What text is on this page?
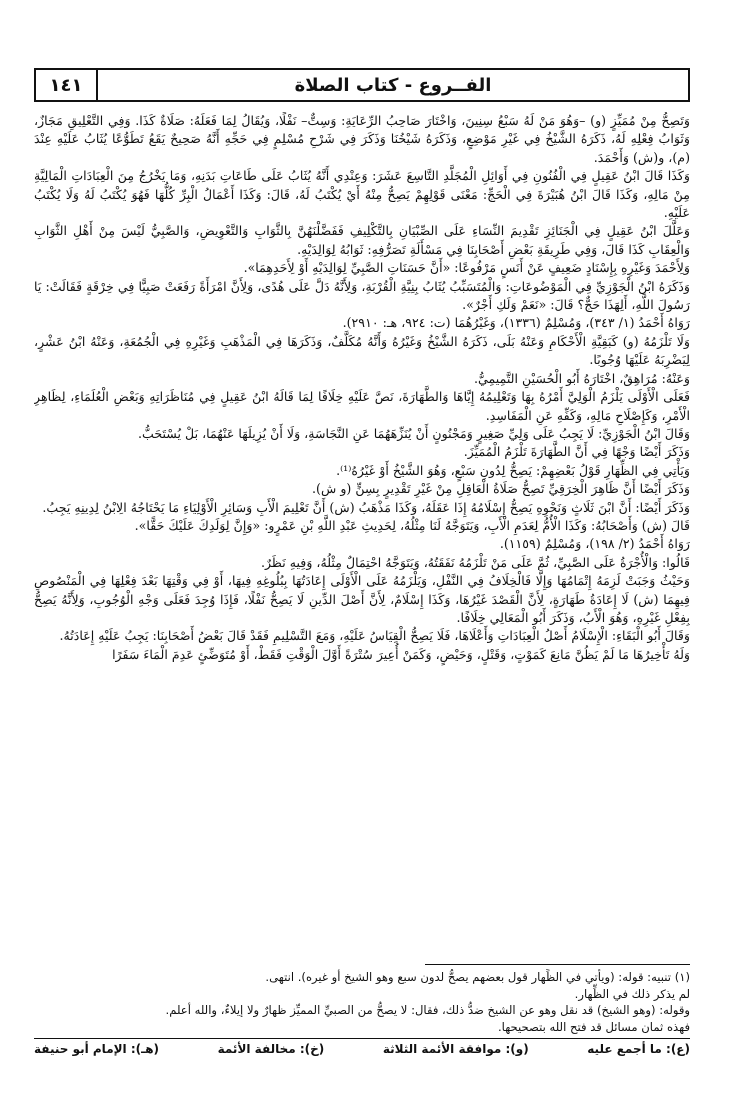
الفــروع - كتاب الصلاة
١٤١

وَتَصِحُّ مِنْ مُمَيِّزٍ (و) –وَهُوَ مَنْ لَهُ سَبْعُ سِنِينَ، وَاخْتَارَ صَاحِبُ الرِّعَايَةِ: وَسِتٌّ– نَفْلًا، وَيُقَالُ لِمَا فَعَلَهُ: صَلَاةٌ كَذَا. وَفِي التَّعْلِيقِ مَجَازٌ، وَثَوَابُ فِعْلِهِ لَهُ، ذَكَرَهُ الشَّيْخُ فِي غَيْرِ مَوْضِعٍ، وَذَكَرَهُ شَيْخُنَا وَذَكَرَ فِي شَرْحِ مُسْلِمٍ فِي حَجِّهِ أَنَّهُ صَحِيحٌ يَقَعُ تَطَوُّعًا يُثَابُ عَلَيْهِ عِنْدَ (م)، و(ش) وَأَحْمَدَ.

وَكَذَا قَالَ ابْنُ عَقِيلٍ فِي الْفُنُونِ فِي أَوَائِلِ الْمُجَلَّدِ التَّاسِعَ عَشَرَ: وَعِنْدِي أَنَّهُ يُثَابُ عَلَى طَاعَاتِ بَدَنِهِ، وَمَا يَخْرُجُ مِنَ الْعِبَادَاتِ الْمَالِيَّةِ مِنْ مَالِهِ، وَكَذَا قَالَ ابْنُ هُبَيْرَةَ فِي الْحَجِّ: مَعْنَى قَوْلِهِمْ يَصِحُّ مِنْهُ أَيْ يُكْتَبُ لَهُ، قَالَ: وَكَذَا أَعْمَالُ الْبِرِّ كُلُّهَا فَهُوَ يُكْتَبُ لَهُ وَلَا يُكْتَبُ عَلَيْهِ.

وَعَلَّلَ ابْنُ عَقِيلٍ فِي الْجَنَائِزِ تَقْدِيمَ النِّسَاءِ عَلَى الصِّبْيَانِ بِالتَّكْلِيفِ فَفَضَّلْنَهُنَّ بِالثَّوَابِ وَالتَّعْوِيضِ، وَالصَّبِيُّ لَيْسَ مِنْ أَهْلِ الثَّوَابِ وَالْعِقَابِ كَذَا قَالَ، وَفِي طَرِيقَةِ بَعْضِ أَصْحَابِنَا فِي مَسْأَلَةِ تَصَرُّفِهِ: ثَوَابُهُ لِوَالِدَيْهِ.

وَلِأَحْمَدَ وَغَيْرِهِ بِإِسْنَادٍ ضَعِيفٍ عَنْ أَنَسٍ مَرْفُوعًا: «أَنَّ حَسَنَاتِ الصَّبِيِّ لِوَالِدَيْهِ أَوْ لِأَحَدِهِمَا».

وَذَكَرَهُ ابْنُ الْجَوْزِيِّ فِي الْمَوْضُوعَاتِ: وَالْمُتَسَبِّبُ يُثَابُ بِنِيَّةِ الْقُرْبَةِ، وَلِأَنَّهُ دَلَّ عَلَى هُدًى، وَلِأَنَّ امْرَأَةً رَفَعَتْ صَبِيًّا فِي خِرْقَةٍ فَقَالَتْ: يَا رَسُولَ اللَّهِ، أَلِهَذَا حَجٌّ؟ قَالَ: «نَعَمْ وَلَكِ أَجْرٌ».

رَوَاهُ أَحْمَدُ (١/ ٣٤٣)، وَمُسْلِمٌ (١٣٣٦)، وَغَيْرُهُمَا (ت: ٩٢٤، هـ: ٢٩١٠).

وَلَا تَلْزَمُهُ (و) كَبَقِيَّةِ الْأَحْكَامِ وَعَنْهُ بَلَى، ذَكَرَهُ الشَّيْخُ وَغَيْرُهُ وَأَنَّهُ مُكَلَّفٌ، وَذَكَرَهَا فِي الْمَذْهَبِ وَغَيْرِهِ فِي الْجُمُعَةِ، وَعَنْهُ ابْنُ عَشْرٍ، لِيَضْرِبَهُ عَلَيْهَا وُجُوبًا.

وَعَنْهُ: مُرَاهِقٌ، اخْتَارَهُ أَبُو الْحُسَيْنِ التَّمِيمِيُّ.

فَعَلَى الْأَوْلَى يَلْزَمُ الْوَلِيَّ أَمْرُهُ بِهَا وَتَعْلِيمُهُ إِيَّاهَا وَالطَّهَارَةَ، نَصَّ عَلَيْهِ خِلَافًا لِمَا قَالَهُ ابْنُ عَقِيلٍ فِي مُنَاظَرَاتِهِ وَبَعْضِ الْعُلَمَاءِ، لِظَاهِرِ الْأَمْرِ، وَكَإِصْلَاحِ مَالِهِ، وَكَفِّهِ عَنِ الْمَفَاسِدِ.

وَقَالَ ابْنُ الْجَوْزِيِّ: لَا يَجِبُ عَلَى وَلِيِّ صَغِيرٍ وَمَجْنُونٍ أَنْ يُنَزِّهَهُمَا عَنِ النَّجَاسَةِ، وَلَا أَنْ يُزِيلَهَا عَنْهُمَا، بَلْ يُسْتَحَبُّ.

وَذَكَرَ أَيْضًا وَجْهًا فِي أَنَّ الطَّهَارَةَ تَلْزَمُ الْمُمَيِّزَ.

وَيَأْتِي فِي الظِّهَارِ قَوْلُ بَعْضِهِمْ: يَصِحُّ لِدُونِ سَبْعٍ، وَهُوَ الشَّيْخُ أَوْ غَيْرُهُ⁽¹⁾.

وَذَكَرَ أَيْضًا أَنَّ ظَاهِرَ الْخِرَقِيِّ تَصِحُّ صَلَاةُ الْعَاقِلِ مِنْ غَيْرِ تَقْدِيرٍ بِسِنٍّ (و ش).

وَذَكَرَ أَيْضًا: أَنَّ ابْنَ ثَلَاثٍ وَنَحْوِهِ يَصِحُّ إِسْلَامُهُ إِذَا عَقَلَهُ، وَكَذَا مَذْهَبُ (ش) أَنَّ تَعْلِيمَ الْأَبِ وَسَائِرِ الْأَوْلِيَاءِ مَا يَحْتَاجُهُ الِابْنُ لِدِينِهِ يَجِبُ.

قَالَ (ش) وَأَصْحَابُهُ: وَكَذَا الْأُمُّ لِعَدَمِ الْأَبِ، وَيَتَوَجَّهُ لَنَا مِثْلُهُ، لِحَدِيثِ عَبْدِ اللَّهِ بْنِ عَمْرٍو: «وَإِنَّ لِوَلَدِكَ عَلَيْكَ حَقًّا».

رَوَاهُ أَحْمَدُ (٢/ ١٩٨)، وَمُسْلِمٌ (١١٥٩).

قَالُوا: وَالْأُجْرَةُ عَلَى الصَّبِيِّ، ثُمَّ عَلَى مَنْ تَلْزَمُهُ نَفَقَتُهُ، وَيَتَوَجَّهُ احْتِمَالٌ مِثْلُهُ، وَفِيهِ نَظَرٌ.

وَحَيْثُ وَجَبَتْ لَزِمَهُ إِتْمَامُهَا وَإِلَّا فَالْخِلَافُ فِي النَّفْلِ، وَيَلْزَمُهُ عَلَى الْأَوْلَى إِعَادَتُهَا بِبُلُوغِهِ فِيهَا، أَوْ فِي وَقْتِهَا بَعْدَ فِعْلِهَا فِي الْمَنْصُوصِ فِيهِمَا (ش) لَا إِعَادَةُ طَهَارَةٍ، لِأَنَّ الْقَصْدَ غَيْرُهَا، وَكَذَا إِسْلَامٌ، لِأَنَّ أَصْلَ الدِّينِ لَا يَصِحُّ نَفْلًا، فَإِذَا وُجِدَ فَعَلَى وَجْهِ الْوُجُوبِ، وَلِأَنَّهُ يَصِحُّ بِفِعْلِ غَيْرِهِ، وَهُوَ الْأَبُ، وَذَكَرَ أَبُو الْمَعَالِي خِلَافًا.

وَقَالَ أَبُو الْبَقَاءِ: الْإِسْلَامُ أَصْلُ الْعِبَادَاتِ وَأَعْلَاهَا، فَلَا يَصِحُّ الْقِيَاسُ عَلَيْهِ، وَمَعَ التَّسْلِيمِ فَقَدْ قَالَ بَعْضُ أَصْحَابِنَا: يَجِبُ عَلَيْهِ إِعَادَتُهُ.

وَلَهُ تَأْخِيرُهَا مَا لَمْ يَظُنَّ مَانِعَ كَمَوْتٍ، وَقَتْلٍ، وَحَيْضٍ، وَكَمَنْ أُعِيرَ سُتْرَةً أَوَّلَ الْوَقْتِ فَقَطْ، أَوْ مُتَوَضِّئٍ عَدِمَ الْمَاءَ سَفَرًا

(١) تنبيه: قوله: (ويأتي في الظِّهار قول بعضهم يصحُّ لدون سبع وهو الشيخ أو غيره). انتهى.

لم يذكر ذلك في الظِّهار.

وقوله: (وهو الشيخ) قد نقل وهو عن الشيخ ضدُّ ذلك، فقال: لا يصحُّ من الصبيِّ المميِّز ظهارٌ ولا إيلاءٌ، والله أعلم.

فهذه ثمان مسائل قد فتح الله بتصحيحها.

(ع): ما أجمع عليه
(و): موافقة الأئمة الثلاثة
(خ): مخالفة الأئمة
(هـ): الإمام أبو حنيفة
